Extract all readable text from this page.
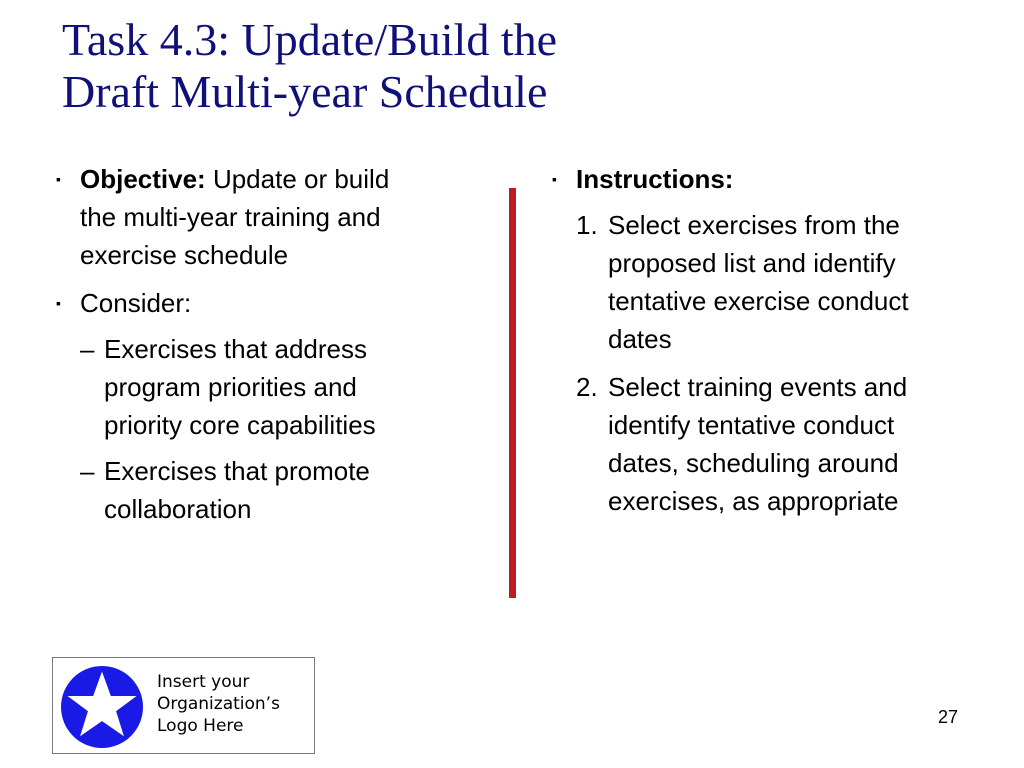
Task 4.3: Update/Build the
Draft Multi-year Schedule
▪ Objective: Update or build
the multi-year training and
exercise schedule
▪ Consider:
– Exercises that address
program priorities and
priority core capabilities
– Exercises that promote
collaboration
▪ Instructions:
1. Select exercises from the
proposed list and identify
tentative exercise conduct
dates
2. Select training events and
identify tentative conduct
dates, scheduling around
exercises, as appropriate
Insert your
Organization’s
Logo Here	27
